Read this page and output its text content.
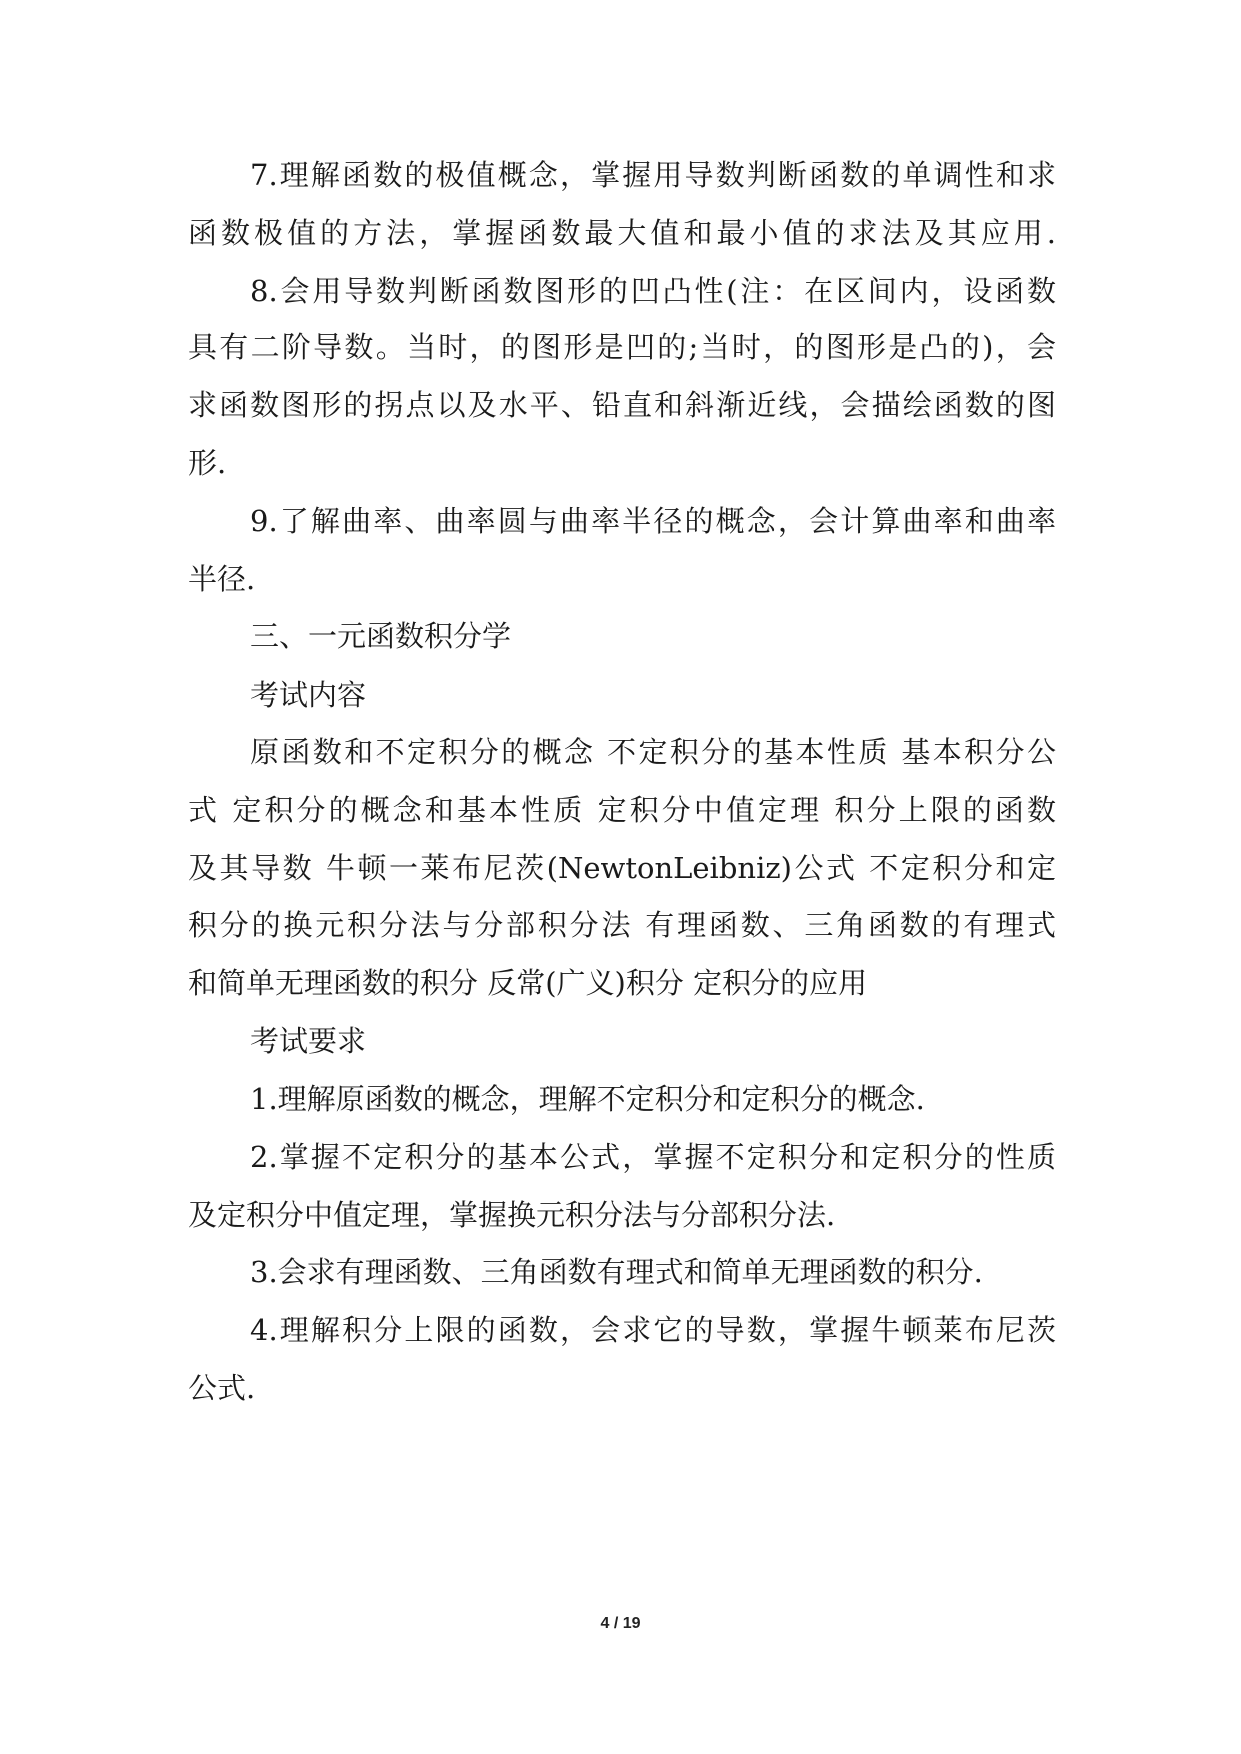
7.理解函数的极值概念，掌握用导数判断函数的单调性和求
函数极值的方法，掌握函数最大值和最小值的求法及其应用.
8.会用导数判断函数图形的凹凸性(注：在区间内，设函数
具有二阶导数。当时，的图形是凹的;当时，的图形是凸的)，会
求函数图形的拐点以及水平、铅直和斜渐近线，会描绘函数的图
形.
9.了解曲率、曲率圆与曲率半径的概念，会计算曲率和曲率
半径.
三、一元函数积分学
考试内容
原函数和不定积分的概念 不定积分的基本性质 基本积分公
式 定积分的概念和基本性质 定积分中值定理 积分上限的函数
及其导数 牛顿一莱布尼茨(NewtonLeibniz)公式 不定积分和定
积分的换元积分法与分部积分法 有理函数、三角函数的有理式
和简单无理函数的积分 反常(广义)积分 定积分的应用
考试要求
1.理解原函数的概念，理解不定积分和定积分的概念.
2.掌握不定积分的基本公式，掌握不定积分和定积分的性质
及定积分中值定理，掌握换元积分法与分部积分法.
3.会求有理函数、三角函数有理式和简单无理函数的积分.
4.理解积分上限的函数，会求它的导数，掌握牛顿莱布尼茨
公式.
4 / 19
